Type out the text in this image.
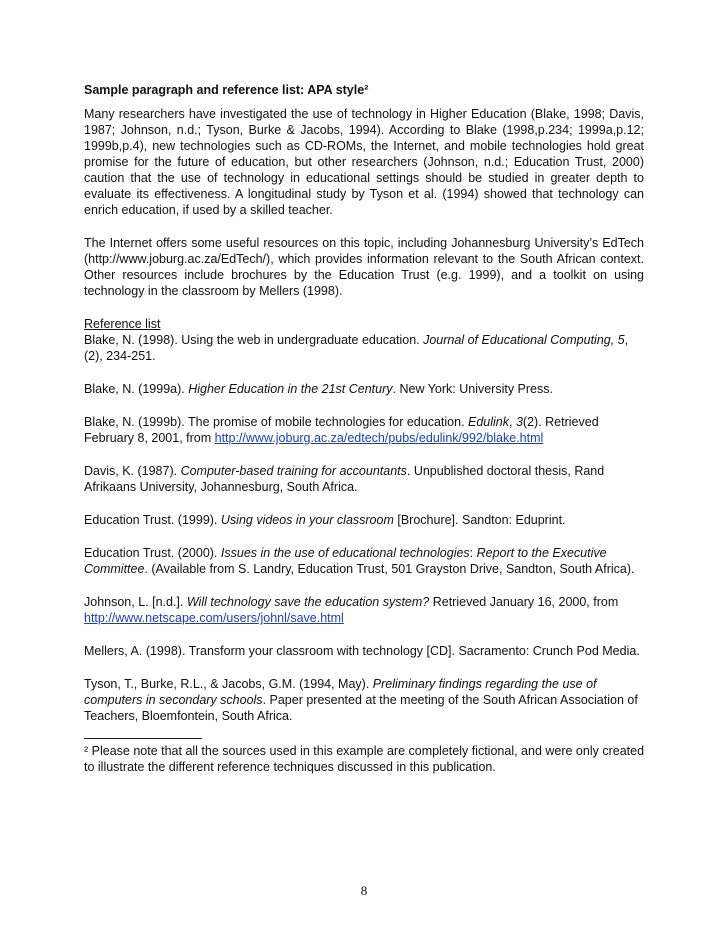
Sample paragraph and reference list: APA style²
Many researchers have investigated the use of technology in Higher Education (Blake, 1998; Davis, 1987; Johnson, n.d.; Tyson, Burke & Jacobs, 1994). According to Blake (1998,p.234; 1999a,p.12; 1999b,p.4), new technologies such as CD-ROMs, the Internet, and mobile technologies hold great promise for the future of education, but other researchers (Johnson, n.d.; Education Trust, 2000) caution that the use of technology in educational settings should be studied in greater depth to evaluate its effectiveness. A longitudinal study by Tyson et al. (1994) showed that technology can enrich education, if used by a skilled teacher.
The Internet offers some useful resources on this topic, including Johannesburg University’s EdTech (http://www.joburg.ac.za/EdTech/), which provides information relevant to the South African context. Other resources include brochures by the Education Trust (e.g. 1999), and a toolkit on using technology in the classroom by Mellers (1998).
Reference list
Blake, N. (1998). Using the web in undergraduate education. Journal of Educational Computing, 5,(2), 234-251.
Blake, N. (1999a). Higher Education in the 21st Century. New York: University Press.
Blake, N. (1999b). The promise of mobile technologies for education. Edulink, 3(2). Retrieved February 8, 2001, from http://www.joburg.ac.za/edtech/pubs/edulink/992/blake.html
Davis, K. (1987). Computer-based training for accountants. Unpublished doctoral thesis, Rand Afrikaans University, Johannesburg, South Africa.
Education Trust. (1999). Using videos in your classroom [Brochure]. Sandton: Eduprint.
Education Trust. (2000). Issues in the use of educational technologies: Report to the Executive Committee. (Available from S. Landry, Education Trust, 501 Grayston Drive, Sandton, South Africa).
Johnson, L. [n.d.]. Will technology save the education system? Retrieved January 16, 2000, from http://www.netscape.com/users/johnl/save.html
Mellers, A. (1998). Transform your classroom with technology [CD]. Sacramento: Crunch Pod Media.
Tyson, T., Burke, R.L., & Jacobs, G.M. (1994, May). Preliminary findings regarding the use of computers in secondary schools. Paper presented at the meeting of the South African Association of Teachers, Bloemfontein, South Africa.
² Please note that all the sources used in this example are completely fictional, and were only created to illustrate the different reference techniques discussed in this publication.
8
